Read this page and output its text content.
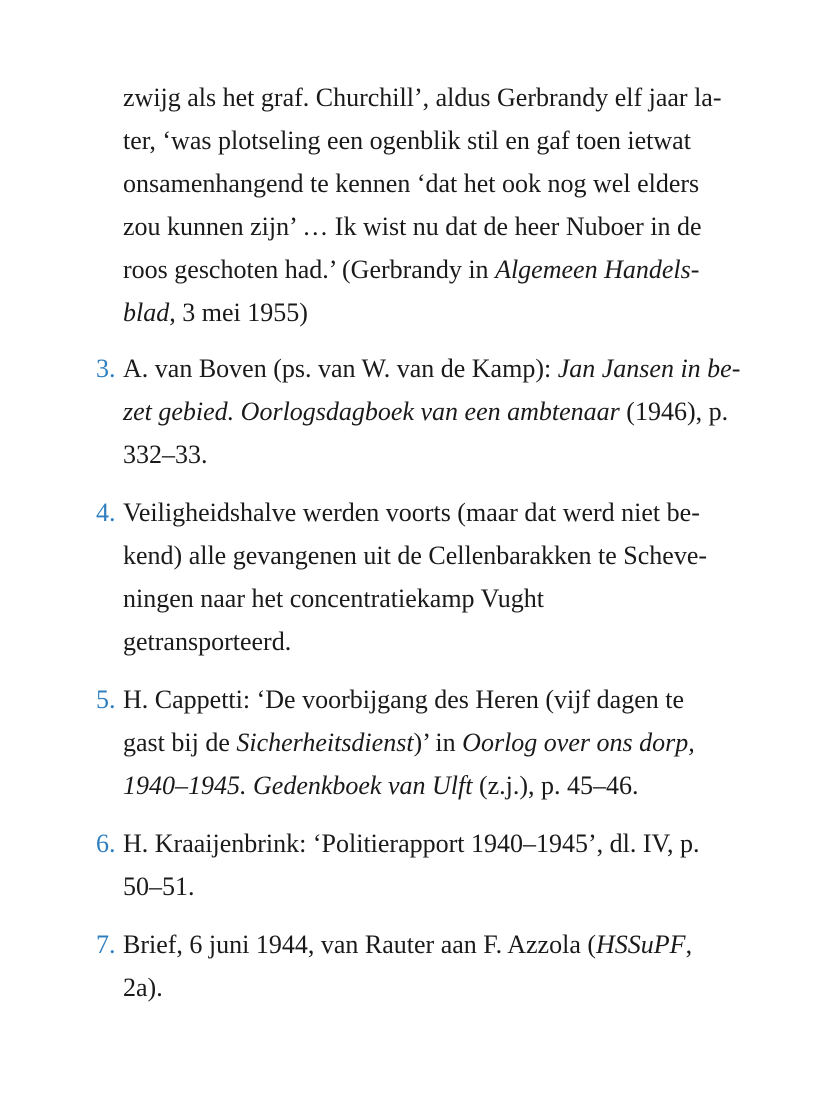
zwijg als het graf. Churchill’, aldus Gerbrandy elf jaar la-
ter, ‘was plotseling een ogenblik stil en gaf toen ietwat
onsamenhangend te kennen ‘dat het ook nog wel elders
zou kunnen zijn’ … Ik wist nu dat de heer Nuboer in de
roos geschoten had.’ (Gerbrandy in Algemeen Handels-
blad, 3 mei 1955)
3. A. van Boven (ps. van W. van de Kamp): Jan Jansen in be-
zet gebied. Oorlogsdagboek van een ambtenaar (1946), p.
332–33.
4. Veiligheidshalve werden voorts (maar dat werd niet be-
kend) alle gevangenen uit de Cellenbarakken te Scheve-
ningen naar het concentratiekamp Vught
getransporteerd.
5. H. Cappetti: ‘De voorbijgang des Heren (vijf dagen te
gast bij de Sicherheitsdienst)’ in Oorlog over ons dorp,
1940–1945. Gedenkboek van Ulft (z.j.), p. 45–46.
6. H. Kraaijenbrink: ‘Politierapport 1940–1945’, dl. IV, p.
50–51.
7. Brief, 6 juni 1944, van Rauter aan F. Azzola (HSSuPF,
2a).
